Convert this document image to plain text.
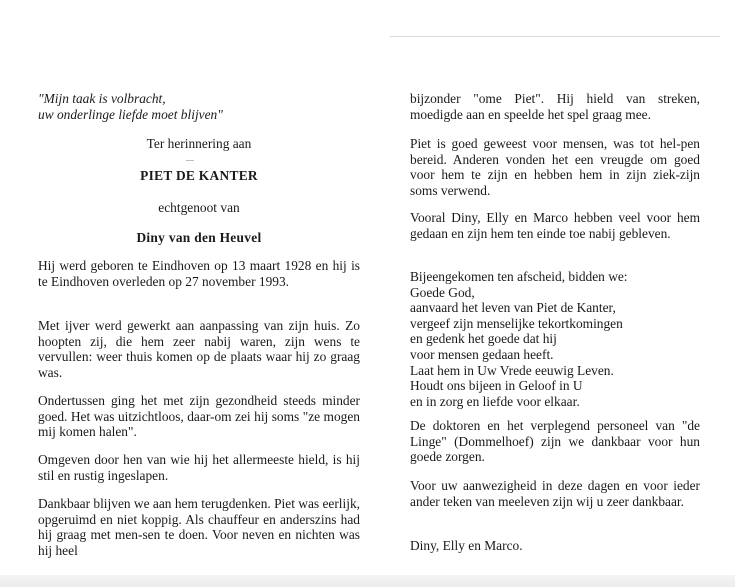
"Mijn taak is volbracht,
uw onderlinge liefde moet blijven"
Ter herinnering aan
PIET DE KANTER
echtgenoot van
Diny van den Heuvel
Hij werd geboren te Eindhoven op 13 maart 1928 en hij is te Eindhoven overleden op 27 november 1993.
Met ijver werd gewerkt aan aanpassing van zijn huis. Zo hoopten zij, die hem zeer nabij waren, zijn wens te vervullen: weer thuis komen op de plaats waar hij zo graag was.
Ondertussen ging het met zijn gezondheid steeds minder goed. Het was uitzichtloos, daar-om zei hij soms "ze mogen mij komen halen".
Omgeven door hen van wie hij het allermeeste hield, is hij stil en rustig ingeslapen.
Dankbaar blijven we aan hem terugdenken. Piet was eerlijk, opgeruimd en niet koppig. Als chauffeur en anderszins had hij graag met men-sen te doen. Voor neven en nichten was hij heel
bijzonder "ome Piet". Hij hield van streken, moedigde aan en speelde het spel graag mee.
Piet is goed geweest voor mensen, was tot hel-pen bereid. Anderen vonden het een vreugde om goed voor hem te zijn en hebben hem in zijn ziek-zijn soms verwend.
Vooral Diny, Elly en Marco hebben veel voor hem gedaan en zijn hem ten einde toe nabij gebleven.
Bijeengekomen ten afscheid, bidden we:
Goede God,
aanvaard het leven van Piet de Kanter,
vergeef zijn menselijke tekortkomingen
en gedenk het goede dat hij
voor mensen gedaan heeft.
Laat hem in Uw Vrede eeuwig Leven.
Houdt ons bijeen in Geloof in U
en in zorg en liefde voor elkaar.
De doktoren en het verplegend personeel van "de Linge" (Dommelhoef) zijn we dankbaar voor hun goede zorgen.
Voor uw aanwezigheid in deze dagen en voor ieder ander teken van meeleven zijn wij u zeer dankbaar.
Diny, Elly en Marco.
